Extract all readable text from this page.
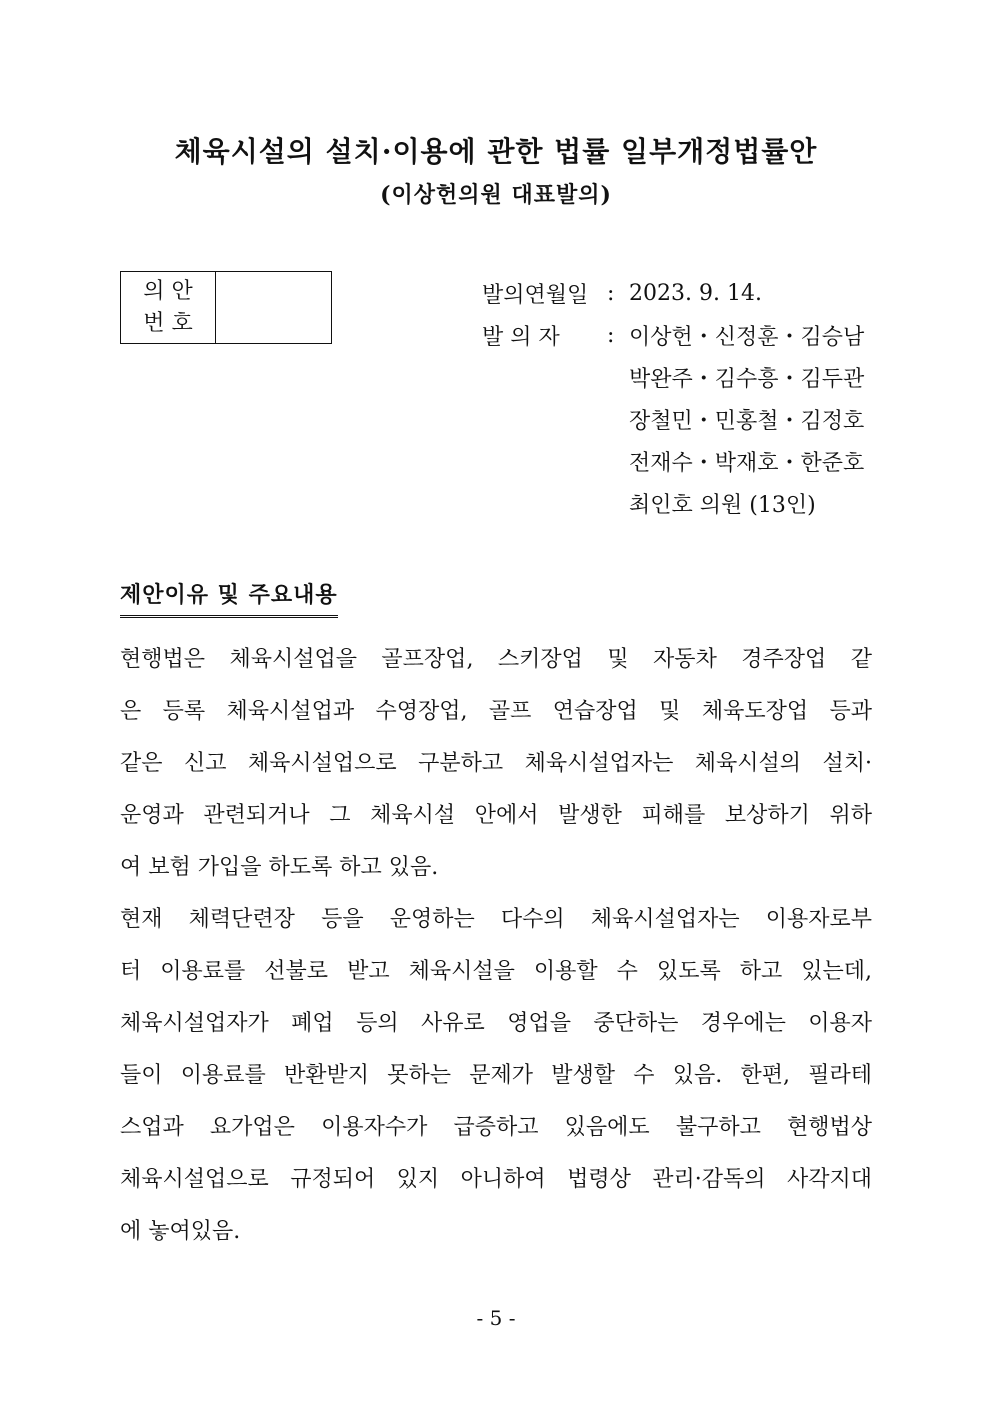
체육시설의 설치·이용에 관한 법률 일부개정법률안
(이상헌의원 대표발의)
의 안
번 호
발의연월일 : 2023. 9. 14.
발 의 자	: 이상헌・신정훈・김승남
박완주・김수흥・김두관
장철민・민홍철・김정호
전재수・박재호・한준호
최인호 의원 (13인)
제안이유 및 주요내용
현행법은 체육시설업을 골프장업, 스키장업 및 자동차 경주장업 같
은 등록 체육시설업과 수영장업, 골프 연습장업 및 체육도장업 등과
같은 신고 체육시설업으로 구분하고 체육시설업자는 체육시설의 설치·
운영과 관련되거나 그 체육시설 안에서 발생한 피해를 보상하기 위하
여 보험 가입을 하도록 하고 있음.
현재 체력단련장 등을 운영하는 다수의 체육시설업자는 이용자로부
터 이용료를 선불로 받고 체육시설을 이용할 수 있도록 하고 있는데,
체육시설업자가 폐업 등의 사유로 영업을 중단하는 경우에는 이용자
들이 이용료를 반환받지 못하는 문제가 발생할 수 있음. 한편, 필라테
스업과 요가업은 이용자수가 급증하고 있음에도 불구하고 현행법상
체육시설업으로 규정되어 있지 아니하여 법령상 관리·감독의 사각지대
에 놓여있음.
- 5 -
